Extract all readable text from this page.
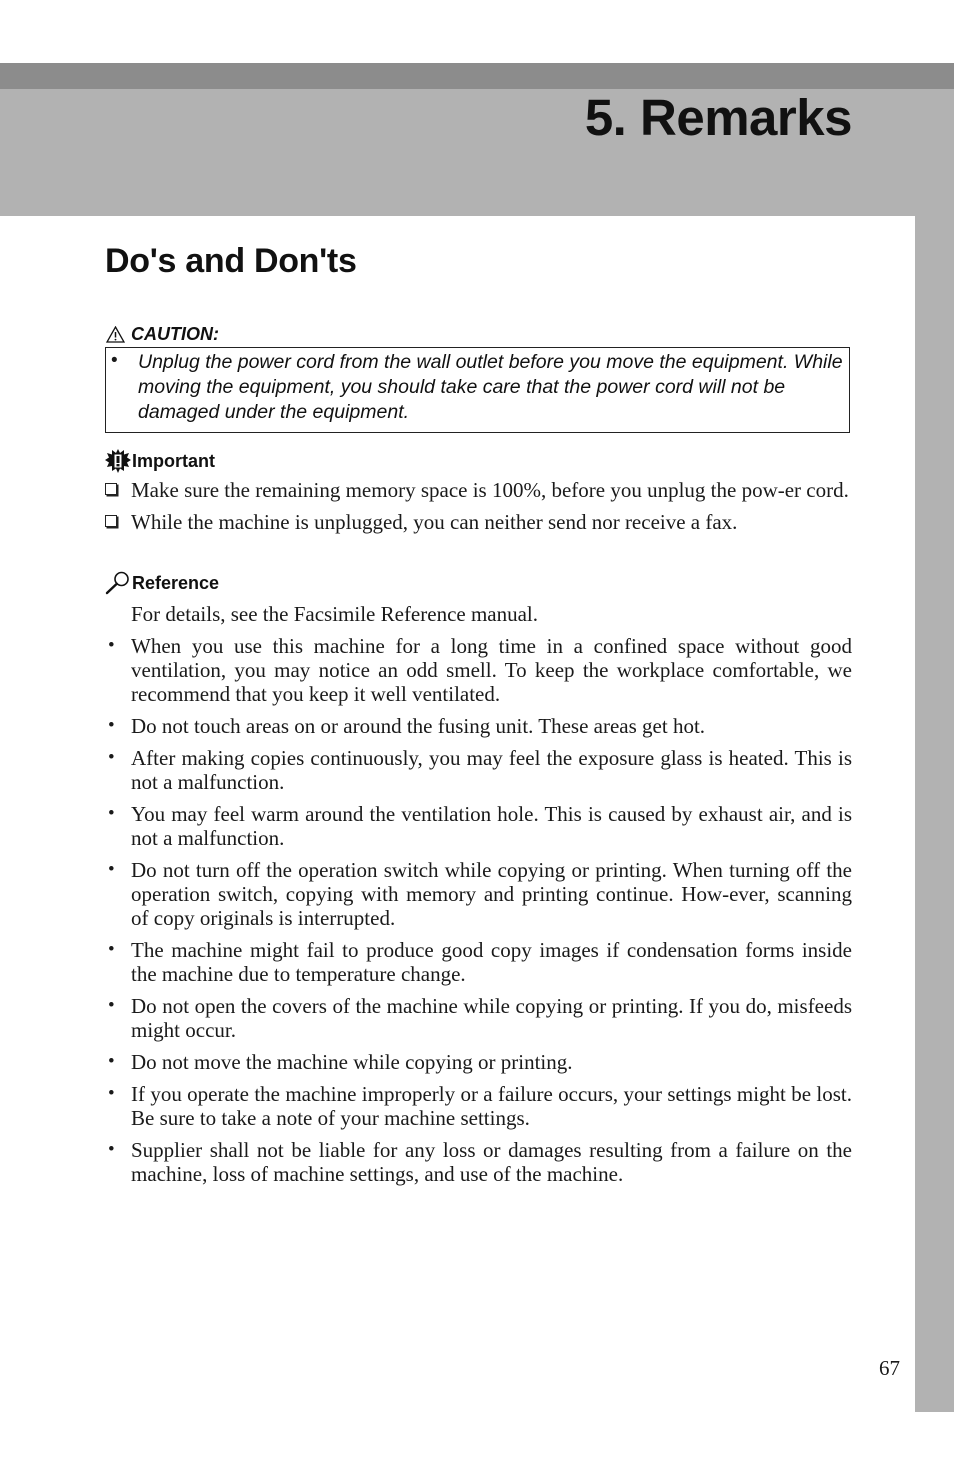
5. Remarks
Do's and Don'ts
CAUTION:
• Unplug the power cord from the wall outlet before you move the equipment. While moving the equipment, you should take care that the power cord will not be damaged under the equipment.
Important
Make sure the remaining memory space is 100%, before you unplug the pow-er cord.
While the machine is unplugged, you can neither send nor receive a fax.
Reference
For details, see the Facsimile Reference manual.
• When you use this machine for a long time in a confined space without good ventilation, you may notice an odd smell. To keep the workplace comfortable, we recommend that you keep it well ventilated.
• Do not touch areas on or around the fusing unit. These areas get hot.
• After making copies continuously, you may feel the exposure glass is heated. This is not a malfunction.
• You may feel warm around the ventilation hole. This is caused by exhaust air, and is not a malfunction.
• Do not turn off the operation switch while copying or printing. When turning off the operation switch, copying with memory and printing continue. How-ever, scanning of copy originals is interrupted.
• The machine might fail to produce good copy images if condensation forms inside the machine due to temperature change.
• Do not open the covers of the machine while copying or printing. If you do, misfeeds might occur.
• Do not move the machine while copying or printing.
• If you operate the machine improperly or a failure occurs, your settings might be lost. Be sure to take a note of your machine settings.
• Supplier shall not be liable for any loss or damages resulting from a failure on the machine, loss of machine settings, and use of the machine.
67
